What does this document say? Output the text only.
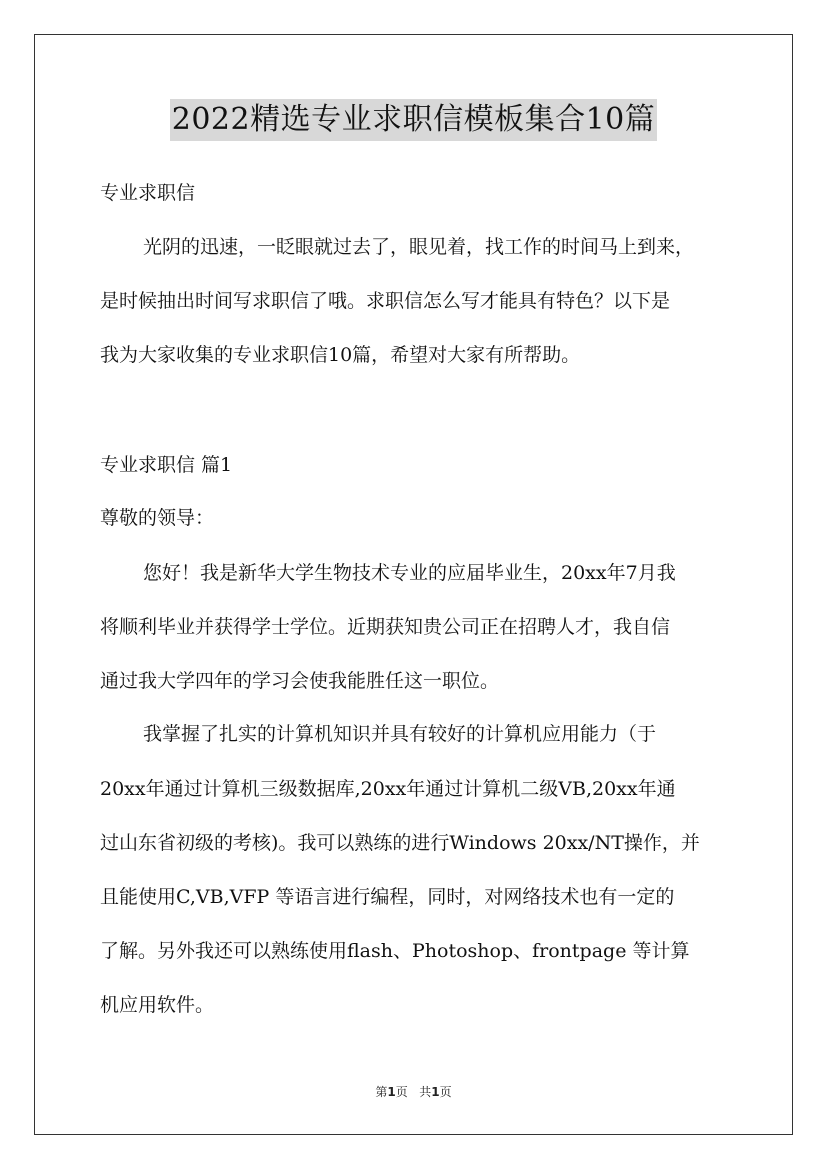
2022精选专业求职信模板集合10篇
专业求职信
光阴的迅速，一眨眼就过去了，眼见着，找工作的时间马上到来，
是时候抽出时间写求职信了哦。求职信怎么写才能具有特色？以下是
我为大家收集的专业求职信10篇，希望对大家有所帮助。
专业求职信 篇1
尊敬的领导：
您好！我是新华大学生物技术专业的应届毕业生，20xx年7月我
将顺利毕业并获得学士学位。近期获知贵公司正在招聘人才，我自信
通过我大学四年的学习会使我能胜任这一职位。
我掌握了扎实的计算机知识并具有较好的计算机应用能力（于
20xx年通过计算机三级数据库,20xx年通过计算机二级VB,20xx年通
过山东省初级的考核)。我可以熟练的进行Windows 20xx/NT操作，并
且能使用C,VB,VFP 等语言进行编程，同时，对网络技术也有一定的
了解。另外我还可以熟练使用flash、Photoshop、frontpage 等计算
机应用软件。
第1页 共1页
